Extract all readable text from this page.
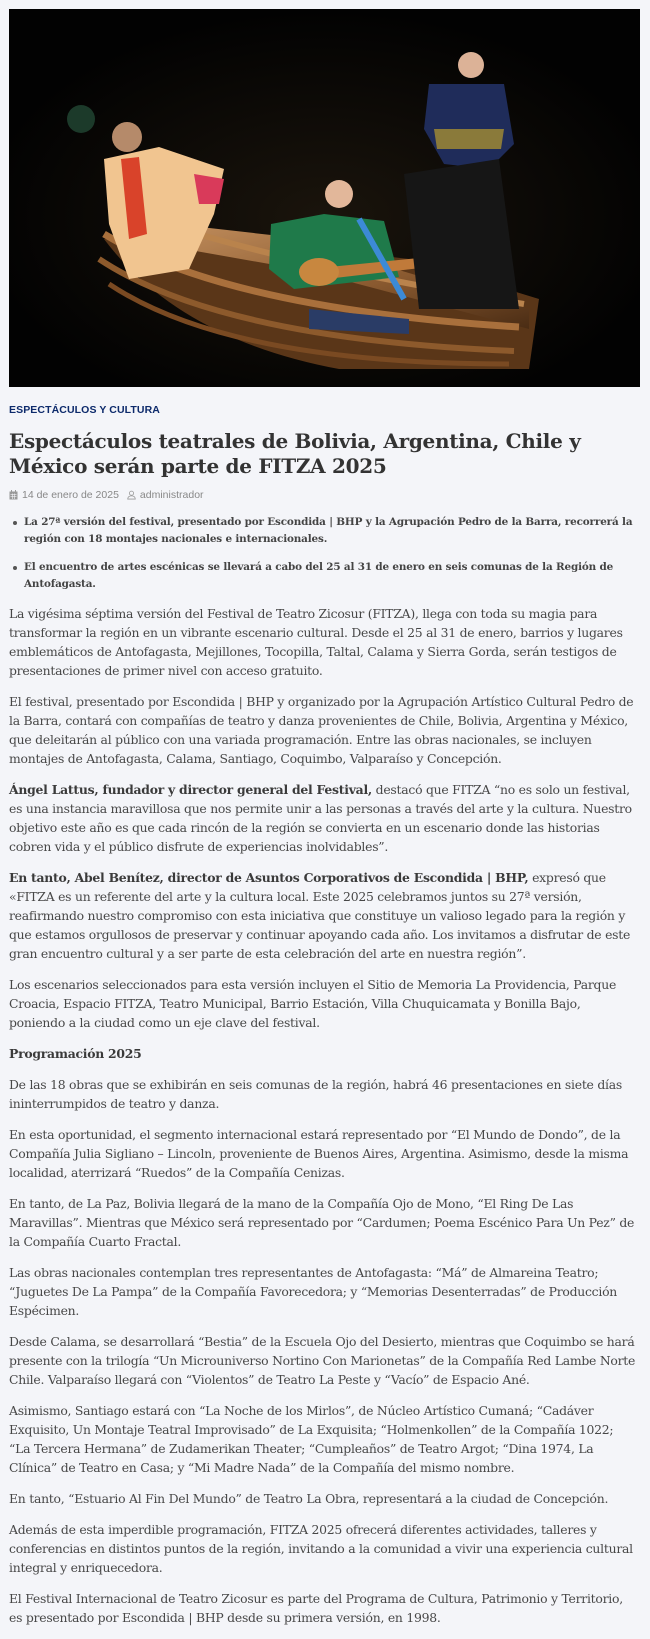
ESPECTÁCULOS Y CULTURA
Espectáculos teatrales de Bolivia, Argentina, Chile y México serán parte de FITZA 2025
14 de enero de 2025 administrador
La 27ª versión del festival, presentado por Escondida | BHP y la Agrupación Pedro de la Barra, recorrerá la región con 18 montajes nacionales e internacionales.
El encuentro de artes escénicas se llevará a cabo del 25 al 31 de enero en seis comunas de la Región de Antofagasta.

La vigésima séptima versión del Festival de Teatro Zicosur (FITZA), llega con toda su magia para transformar la región en un vibrante escenario cultural. Desde el 25 al 31 de enero, barrios y lugares emblemáticos de Antofagasta, Mejillones, Tocopilla, Taltal, Calama y Sierra Gorda, serán testigos de presentaciones de primer nivel con acceso gratuito.

El festival, presentado por Escondida | BHP y organizado por la Agrupación Artístico Cultural Pedro de la Barra, contará con compañías de teatro y danza provenientes de Chile, Bolivia, Argentina y México, que deleitarán al público con una variada programación. Entre las obras nacionales, se incluyen montajes de Antofagasta, Calama, Santiago, Coquimbo, Valparaíso y Concepción.

Ángel Lattus, fundador y director general del Festival, destacó que FITZA “no es solo un festival, es una instancia maravillosa que nos permite unir a las personas a través del arte y la cultura. Nuestro objetivo este año es que cada rincón de la región se convierta en un escenario donde las historias cobren vida y el público disfrute de experiencias inolvidables”.

En tanto, Abel Benítez, director de Asuntos Corporativos de Escondida | BHP, expresó que «FITZA es un referente del arte y la cultura local. Este 2025 celebramos juntos su 27ª versión, reafirmando nuestro compromiso con esta iniciativa que constituye un valioso legado para la región y que estamos orgullosos de preservar y continuar apoyando cada año. Los invitamos a disfrutar de este gran encuentro cultural y a ser parte de esta celebración del arte en nuestra región”.

Los escenarios seleccionados para esta versión incluyen el Sitio de Memoria La Providencia, Parque Croacia, Espacio FITZA, Teatro Municipal, Barrio Estación, Villa Chuquicamata y Bonilla Bajo, poniendo a la ciudad como un eje clave del festival.

Programación 2025

De las 18 obras que se exhibirán en seis comunas de la región, habrá 46 presentaciones en siete días ininterrumpidos de teatro y danza.

En esta oportunidad, el segmento internacional estará representado por “El Mundo de Dondo”, de la Compañía Julia Sigliano – Lincoln, proveniente de Buenos Aires, Argentina. Asimismo, desde la misma localidad, aterrizará “Ruedos” de la Compañía Cenizas.

En tanto, de La Paz, Bolivia llegará de la mano de la Compañía Ojo de Mono, “El Ring De Las Maravillas”. Mientras que México será representado por “Cardumen; Poema Escénico Para Un Pez” de la Compañía Cuarto Fractal.

Las obras nacionales contemplan tres representantes de Antofagasta: “Má” de Almareina Teatro; “Juguetes De La Pampa” de la Compañía Favorecedora; y “Memorias Desenterradas” de Producción Espécimen.

Desde Calama, se desarrollará “Bestia” de la Escuela Ojo del Desierto, mientras que Coquimbo se hará presente con la trilogía “Un Microuniverso Nortino Con Marionetas” de la Compañía Red Lambe Norte Chile. Valparaíso llegará con “Violentos” de Teatro La Peste y “Vacío” de Espacio Ané.

Asimismo, Santiago estará con “La Noche de los Mirlos”, de Núcleo Artístico Cumaná; “Cadáver Exquisito, Un Montaje Teatral Improvisado” de La Exquisita; “Holmenkollen” de la Compañía 1022; “La Tercera Hermana” de Zudamerikan Theater; “Cumpleaños” de Teatro Argot; “Dina 1974, La Clínica” de Teatro en Casa; y “Mi Madre Nada” de la Compañía del mismo nombre.

En tanto, “Estuario Al Fin Del Mundo” de Teatro La Obra, representará a la ciudad de Concepción.

Además de esta imperdible programación, FITZA 2025 ofrecerá diferentes actividades, talleres y conferencias en distintos puntos de la región, invitando a la comunidad a vivir una experiencia cultural integral y enriquecedora.

El Festival Internacional de Teatro Zicosur es parte del Programa de Cultura, Patrimonio y Territorio, es presentado por Escondida | BHP desde su primera versión, en 1998.
